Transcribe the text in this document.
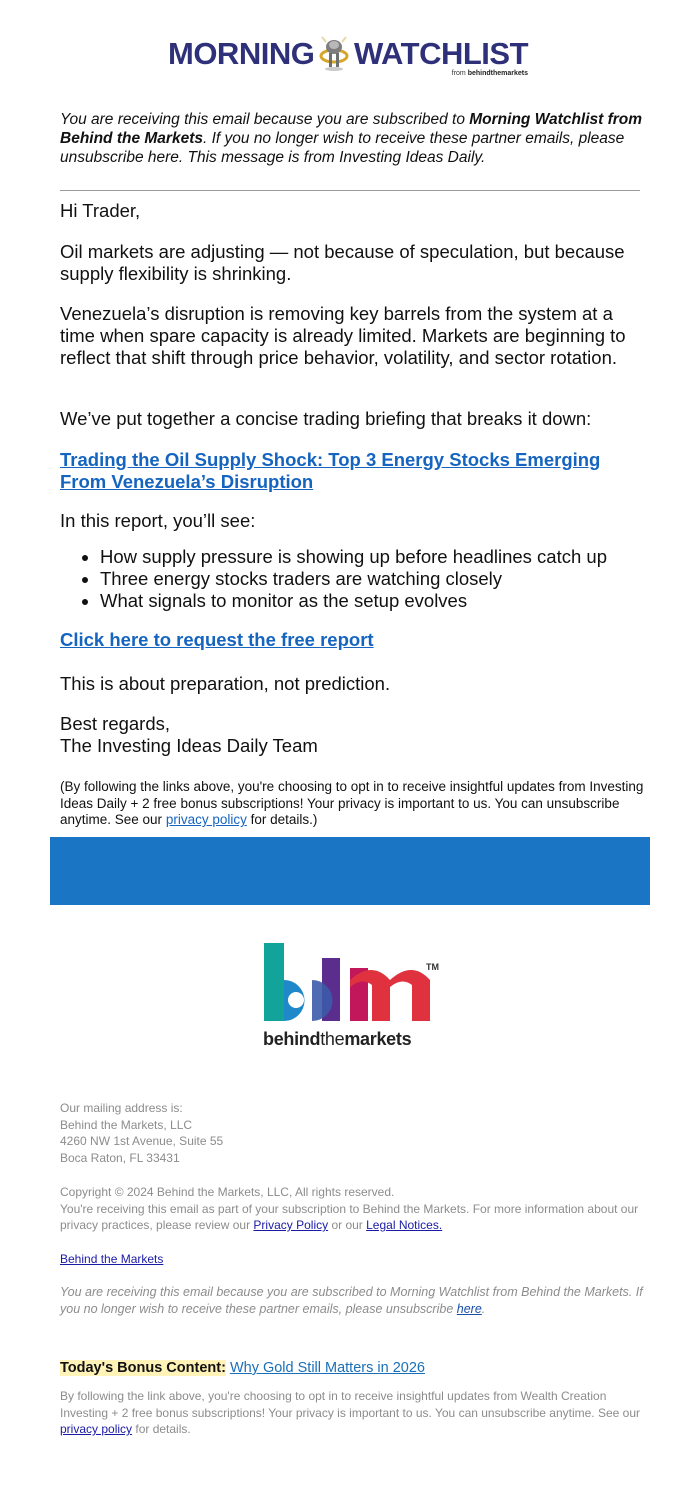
MORNING WATCHLIST
from behindthemarkets
You are receiving this email because you are subscribed to Morning Watchlist from Behind the Markets. If you no longer wish to receive these partner emails, please unsubscribe here. This message is from Investing Ideas Daily.
Hi Trader,
Oil markets are adjusting — not because of speculation, but because supply flexibility is shrinking.
Venezuela’s disruption is removing key barrels from the system at a time when spare capacity is already limited. Markets are beginning to reflect that shift through price behavior, volatility, and sector rotation.
We’ve put together a concise trading briefing that breaks it down:
Trading the Oil Supply Shock: Top 3 Energy Stocks Emerging From Venezuela’s Disruption
In this report, you’ll see:
• How supply pressure is showing up before headlines catch up
• Three energy stocks traders are watching closely
• What signals to monitor as the setup evolves
Click here to request the free report
This is about preparation, not prediction.
Best regards,
The Investing Ideas Daily Team
(By following the links above, you're choosing to opt in to receive insightful updates from Investing Ideas Daily + 2 free bonus subscriptions! Your privacy is important to us. You can unsubscribe anytime. See our privacy policy for details.)
TM
behindthemarkets
Our mailing address is:
Behind the Markets, LLC
4260 NW 1st Avenue, Suite 55
Boca Raton, FL 33431
Copyright © 2024 Behind the Markets, LLC, All rights reserved.
You're receiving this email as part of your subscription to Behind the Markets. For more information about our privacy practices, please review our Privacy Policy or our Legal Notices.
Behind the Markets
You are receiving this email because you are subscribed to Morning Watchlist from Behind the Markets. If you no longer wish to receive these partner emails, please unsubscribe here.
Today's Bonus Content: Why Gold Still Matters in 2026
By following the link above, you're choosing to opt in to receive insightful updates from Wealth Creation Investing + 2 free bonus subscriptions! Your privacy is important to us. You can unsubscribe anytime. See our privacy policy for details.
